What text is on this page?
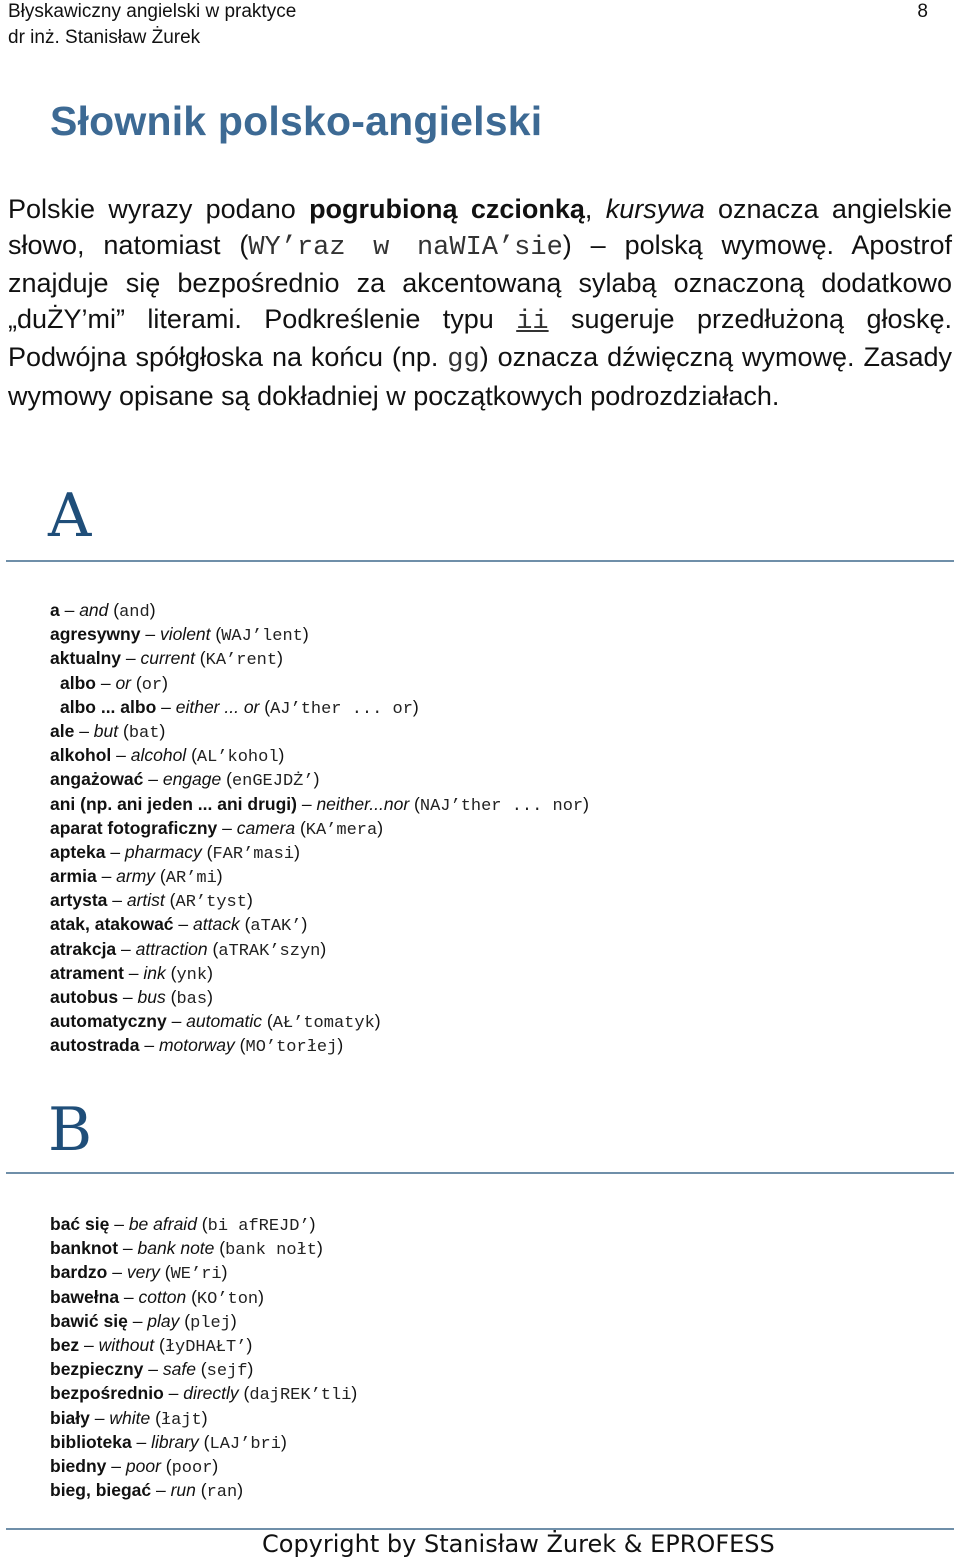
Błyskawiczny angielski w praktyce
dr inż. Stanisław Żurek
8
Słownik polsko-angielski

Polskie wyrazy podano pogrubioną czcionką, kursywa oznacza angielskie słowo, natomiast (WY’raz w naWIA’sie) – polską wymowę. Apostrof znajduje się bezpośrednio za akcentowaną sylabą oznaczoną dodatkowo „duŻY’mi” literami. Podkreślenie typu ii sugeruje przedłużoną głoskę. Podwójna spółgłoska na końcu (np. gg) oznacza dźwięczną wymowę. Zasady wymowy opisane są dokładniej w początkowych podrozdziałach.

A
a – and (and)
agresywny – violent (WAJ’lent)
aktualny – current (KA’rent)
albo – or (or)
albo ... albo – either ... or (AJ’ther ... or)
ale – but (bat)
alkohol – alcohol (AL’kohol)
angażować – engage (enGEJDŻ’)
ani (np. ani jeden ... ani drugi) – neither...nor (NAJ’ther ... nor)
aparat fotograficzny – camera (KA’mera)
apteka – pharmacy (FAR’masi)
armia – army (AR’mi)
artysta – artist (AR’tyst)
atak, atakować – attack (aTAK’)
atrakcja – attraction (aTRAK’szyn)
atrament – ink (ynk)
autobus – bus (bas)
automatyczny – automatic (AŁ’tomatyk)
autostrada – motorway (MO’torłej)
B
bać się – be afraid (bi afREJD’)
banknot – bank note (bank nołt)
bardzo – very (WE’ri)
bawełna – cotton (KO’ton)
bawić się – play (plej)
bez – without (łyDHAŁT’)
bezpieczny – safe (sejf)
bezpośrednio – directly (dajREK’tli)
biały – white (łajt)
biblioteka – library (LAJ’bri)
biedny – poor (poor)
bieg, biegać – run (ran)
Copyright by Stanisław Żurek & EPROFESS
